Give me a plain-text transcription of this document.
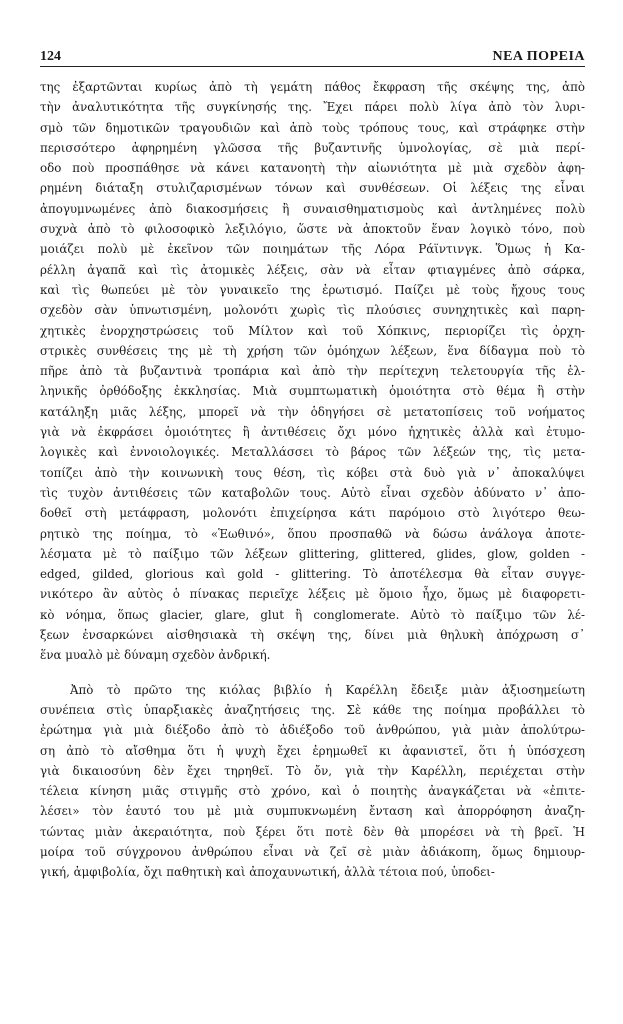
124	ΝΕΑ ΠΟΡΕΙΑ

της ἐξαρτῶνται κυρίως ἀπὸ τὴ γεμάτη πάθος ἔκφραση τῆς σκέψης της, ἀπὸ
τὴν ἀναλυτικότητα τῆς συγκίνησής της. Ἔχει πάρει πολὺ λίγα ἀπὸ τὸν λυρι-
σμὸ τῶν δημοτικῶν τραγουδιῶν καὶ ἀπὸ τοὺς τρόπους τους, καὶ στράφηκε στὴν
περισσότερο ἀφηρημένη γλῶσσα τῆς βυζαντινῆς ὑμνολογίας, σὲ μιὰ περί-
οδο ποὺ προσπάθησε νὰ κάνει κατανοητὴ τὴν αἰωνιότητα μὲ μιὰ σχεδὸν ἀφη-
ρημένη διάταξη στυλιζαρισμένων τόνων καὶ συνθέσεων. Οἱ λέξεις της εἶναι
ἀπογυμνωμένες ἀπὸ διακοσμήσεις ἢ συναισθηματισμοὺς καὶ ἀντλημένες πολὺ
συχνὰ ἀπὸ τὸ φιλοσοφικὸ λεξιλόγιο, ὥστε νὰ ἀποκτοῦν ἕναν λογικὸ τόνο, ποὺ
μοιάζει πολὺ μὲ ἐκεῖνον τῶν ποιημάτων τῆς Λόρα Ράϊντινγκ. Ὅμως ἡ Κα-
ρέλλη ἀγαπᾶ καὶ τὶς ἀτομικὲς λέξεις, σὰν νὰ εἶταν φτιαγμένες ἀπὸ σάρκα,
καὶ τὶς θωπεύει μὲ τὸν γυναικεῖο της ἐρωτισμό. Παίζει μὲ τοὺς ἤχους τους
σχεδὸν σὰν ὑπνωτισμένη, μολονότι χωρὶς τὶς πλούσιες συνηχητικὲς καὶ παρη-
χητικὲς ἐνορχηστρώσεις τοῦ Μίλτον καὶ τοῦ Χόπκινς, περιορίζει τὶς ὀρχη-
στρικὲς συνθέσεις της μὲ τὴ χρήση τῶν ὁμόηχων λέξεων, ἕνα δίδαγμα ποὺ τὸ
πῆρε ἀπὸ τὰ βυζαντινὰ τροπάρια καὶ ἀπὸ τὴν περίτεχνη τελετουργία τῆς ἑλ-
ληνικῆς ὀρθόδοξης ἐκκλησίας. Μιὰ συμπτωματικὴ ὁμοιότητα στὸ θέμα ἢ στὴν
κατάληξη μιᾶς λέξης, μπορεῖ νὰ τὴν ὁδηγήσει σὲ μετατοπίσεις τοῦ νοήματος
γιὰ νὰ ἐκφράσει ὁμοιότητες ἢ ἀντιθέσεις ὄχι μόνο ἠχητικὲς ἀλλὰ καὶ ἐτυμο-
λογικὲς καὶ ἐννοιολογικές. Μεταλλάσσει τὸ βάρος τῶν λέξεών της, τὶς μετα-
τοπίζει ἀπὸ τὴν κοινωνικὴ τους θέση, τὶς κόβει στὰ δυὸ γιὰ ν᾽ ἀποκαλύψει
τὶς τυχὸν ἀντιθέσεις τῶν καταβολῶν τους. Αὐτὸ εἶναι σχεδὸν ἀδύνατο ν᾽ ἀπο-
δοθεῖ στὴ μετάφραση, μολονότι ἐπιχείρησα κάτι παρόμοιο στὸ λιγότερο θεω-
ρητικὸ της ποίημα, τὸ «Ἑωθινό», ὅπου προσπαθῶ νὰ δώσω ἀνάλογα ἀποτε-
λέσματα μὲ τὸ παίξιμο τῶν λέξεων glittering, glittered, glides, glow, golden -
edged, gilded, glorious καὶ gold - glittering. Τὸ ἀποτέλεσμα θὰ εἶταν συγγε-
νικότερο ἂν αὐτὸς ὁ πίνακας περιεῖχε λέξεις μὲ ὅμοιο ἦχο, ὅμως μὲ διαφορετι-
κὸ νόημα, ὅπως glacier, glare, glut ἢ conglomerate. Αὐτὸ τὸ παίξιμο τῶν λέ-
ξεων ἐνσαρκώνει αἰσθησιακὰ τὴ σκέψη της, δίνει μιὰ θηλυκὴ ἀπόχρωση σ᾽
ἕνα μυαλὸ μὲ δύναμη σχεδὸν ἀνδρική.

Ἀπὸ τὸ πρῶτο της κιόλας βιβλίο ἡ Καρέλλη ἔδειξε μιὰν ἀξιοσημείωτη
συνέπεια στὶς ὑπαρξιακὲς ἀναζητήσεις της. Σὲ κάθε της ποίημα προβάλλει τὸ
ἐρώτημα γιὰ μιὰ διέξοδο ἀπὸ τὸ ἀδιέξοδο τοῦ ἀνθρώπου, γιὰ μιὰν ἀπολύτρω-
ση ἀπὸ τὸ αἴσθημα ὅτι ἡ ψυχὴ ἔχει ἐρημωθεῖ κι ἀφανιστεῖ, ὅτι ἡ ὑπόσχεση
γιὰ δικαιοσύνη δὲν ἔχει τηρηθεῖ. Τὸ ὄν, γιὰ τὴν Καρέλλη, περιέχεται στὴν
τέλεια κίνηση μιᾶς στιγμῆς στὸ χρόνο, καὶ ὁ ποιητὴς ἀναγκάζεται νὰ «ἐπιτε-
λέσει» τὸν ἑαυτό του μὲ μιὰ συμπυκνωμένη ἔνταση καὶ ἀπορρόφηση ἀναζη-
τώντας μιὰν ἀκεραιότητα, ποὺ ξέρει ὅτι ποτὲ δὲν θὰ μπορέσει νὰ τὴ βρεῖ. Ἡ
μοίρα τοῦ σύγχρονου ἀνθρώπου εἶναι νὰ ζεῖ σὲ μιὰν ἀδιάκοπη, ὅμως δημιουρ-
γική, ἀμφιβολία, ὄχι παθητικὴ καὶ ἀποχαυνωτική, ἀλλὰ τέτοια πού, ὑποδει-
